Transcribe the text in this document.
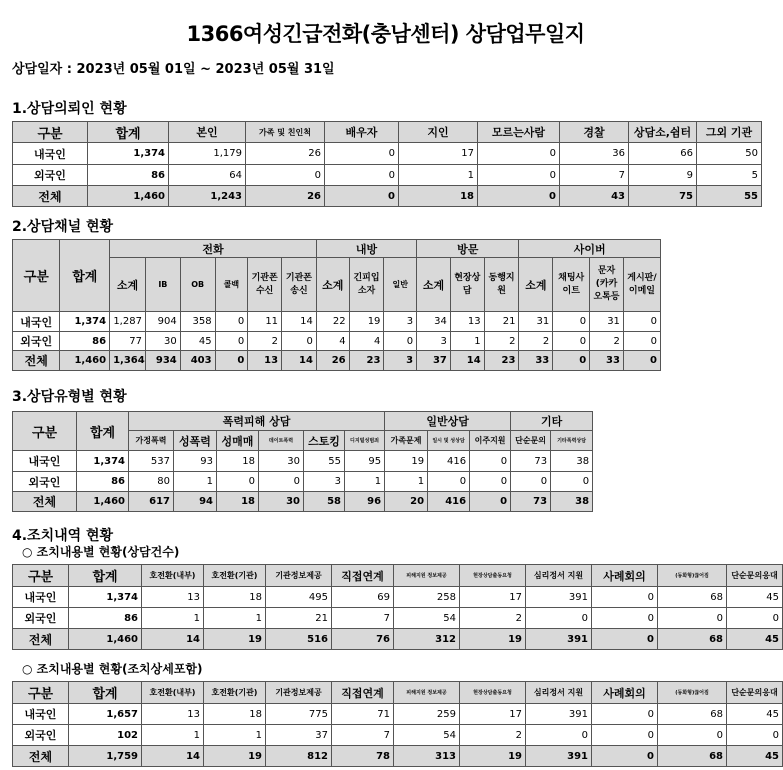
1366여성긴급전화(충남센터) 상담업무일지
상담일자 : 2023년 05월 01일 ~ 2023년 05월 31일
1.상담의뢰인 현황
구분	합계	본인	가족 및 친인척	배우자	지인	모르는사람	경찰	상담소,쉼터	그외 기관
내국인	1,374	1,179	26	0	17	0	36	66	50
외국인	86	64	0	0	1	0	7	9	5
전체	1,460	1,243	26	0	18	0	43	75	55
2.상담채널 현황
구분	합계	전화						내방			방문			사이버			
		소계	IB	OB	콜백	기관폰수신	기관폰송신	소계	긴피입소자	일반	소계	현장상담	동행지원	소계	채팅사이트	문자(카카오톡등	게시판/이메일
내국인	1,374	1,287	904	358	0	11	14	22	19	3	34	13	21	31	0	31	0
외국인	86	77	30	45	0	2	0	4	4	0	3	1	2	2	0	2	0
전체	1,460	1,364	934	403	0	13	14	26	23	3	37	14	23	33	0	33	0
3.상담유형별 현황
구분	합계	폭력피해 상담						일반상담			기타	
		가정폭력	성폭력	성매매	데이트폭력	스토킹	디지털성범죄	가족문제	일시 및 성상담	이주지원	단순문의	기타폭력상담
내국인	1,374	537	93	18	30	55	95	19	416	0	73	38
외국인	86	80	1	0	0	3	1	1	0	0	0	0
전체	1,460	617	94	18	30	58	96	20	416	0	73	38
4.조치내역 현황
○ 조치내용별 현황(상담건수)
구분	합계	호전환(내부)	호전환(기관)	기관정보제공	직접연계	피해지원 정보제공	현장상담출동요청	심리정서 지원	사례회의	(동화형)끊어짐	단순문의응대
내국인	1,374	13	18	495	69	258	17	391	0	68	45
외국인	86	1	1	21	7	54	2	0	0	0	0
전체	1,460	14	19	516	76	312	19	391	0	68	45
○ 조치내용별 현황(조치상세포함)
구분	합계	호전환(내부)	호전환(기관)	기관정보제공	직접연계	피해지원 정보제공	현장상담출동요청	심리정서 지원	사례회의	(동화형)끊어짐	단순문의응대
내국인	1,657	13	18	775	71	259	17	391	0	68	45
외국인	102	1	1	37	7	54	2	0	0	0	0
전체	1,759	14	19	812	78	313	19	391	0	68	45
